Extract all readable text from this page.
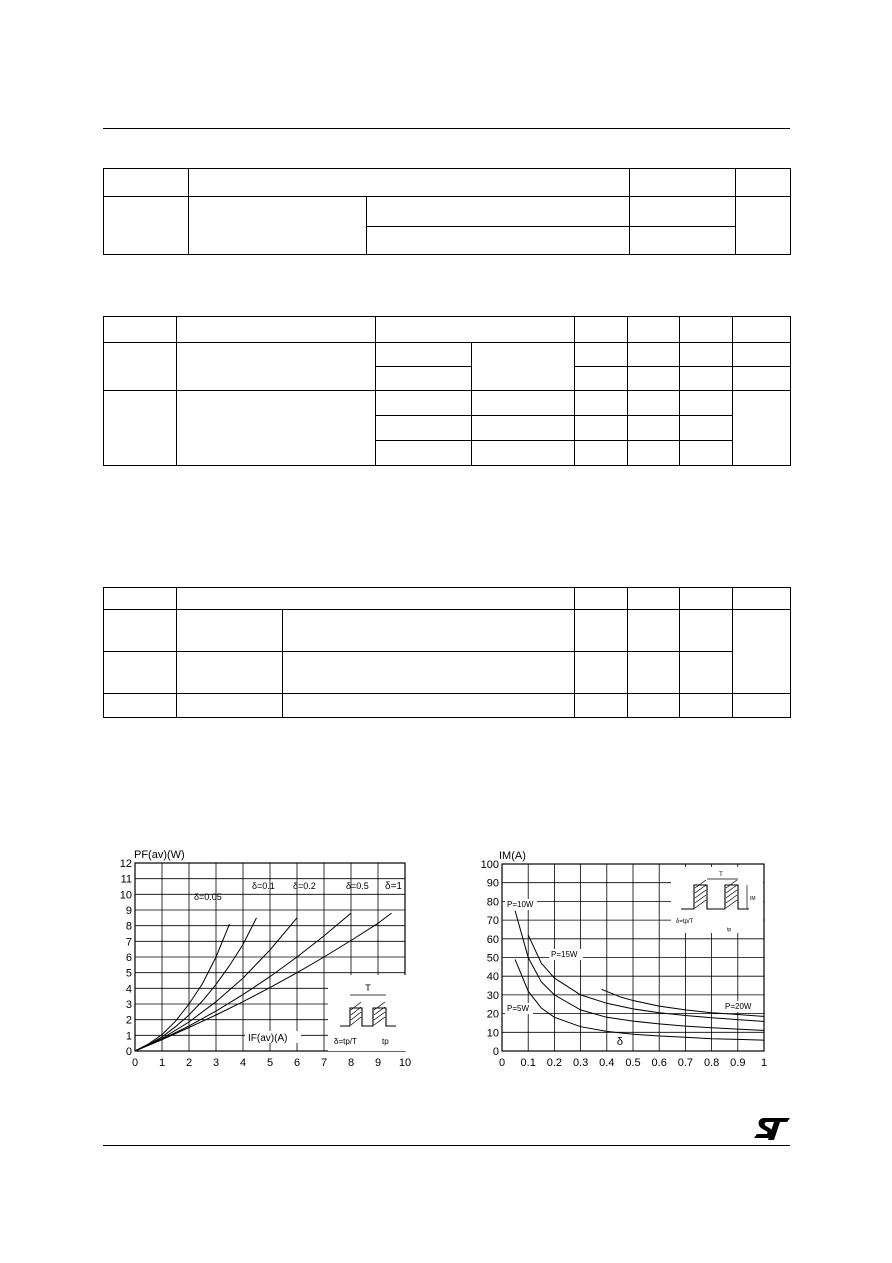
0 1 2 3 4 5 6 7 8 9 10
0
1
2
3
4
5
6
7
8
9
10
11
12
PF(av)(W)
δ=0.05
δ=0.1 δ=0.2	δ=0.5 δ=1
T
δ=tp/T	tp
IF(av)(A)
0 0.1 0.2 0.3 0.4 0.5 0.6 0.7 0.8 0.9 1
0
10
20
30
40
50
60
70
80
90
100
IM(A)
P=5W
P=10W
P=15W
P=20W
δ
T
δ=tp/T
tp
IM
